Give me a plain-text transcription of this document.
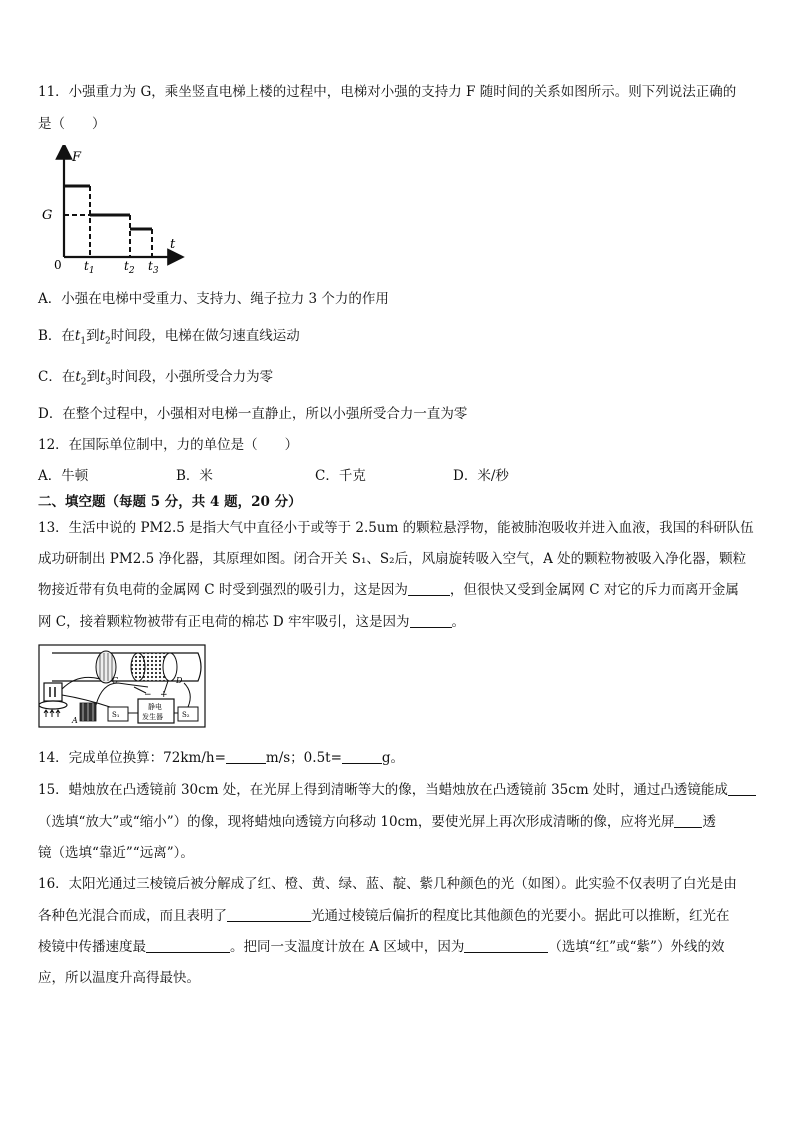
11．小强重力为 G，乘坐竖直电梯上楼的过程中，电梯对小强的支持力 F 随时间的关系如图所示。则下列说法正确的
是（　　）
F
t
0
G
$t_1$ $t_2$ $t_3$
A．小强在电梯中受重力、支持力、绳子拉力 3 个力的作用
B．在$t_1$到$t_2$时间段，电梯在做匀速直线运动
C．在$t_2$到$t_3$时间段，小强所受合力为零
D．在整个过程中，小强相对电梯一直静止，所以小强所受合力一直为零
12．在国际单位制中，力的单位是（　　）
A．牛顿	B．米	C．千克	D．米/秒
二、填空题（每题 5 分，共 4 题，20 分）
13．生活中说的 PM2.5 是指大气中直径小于或等于 2.5um 的颗粒悬浮物，能被肺泡吸收并进入血液，我国的科研队伍
成功研制出 PM2.5 净化器，其原理如图。闭合开关 S₁、S₂后，风扇旋转吸入空气，A 处的颗粒物被吸入净化器，颗粒
物接近带有负电荷的金属网 C 时受到强烈的吸引力，这是因为	，但很快又受到金属网 C 对它的斥力而离开金属
网 C，接着颗粒物被带有正电荷的棉芯 D 牢牢吸引，这是因为	。
C	D
A
S₁
静电
发生器
− +
S₂
14．完成单位换算：72km/h=	m/s；0.5t=	g。
15．蜡烛放在凸透镜前 30cm 处，在光屏上得到清晰等大的像，当蜡烛放在凸透镜前 35cm 处时，通过凸透镜能成
（选填“放大”或“缩小”）的像，现将蜡烛向透镜方向移动 10cm，要使光屏上再次形成清晰的像，应将光屏 透
镜（选填“靠近”“远离”）。
16．太阳光通过三棱镜后被分解成了红、橙、黄、绿、蓝、靛、紫几种颜色的光（如图）。此实验不仅表明了白光是由
各种色光混合而成，而且表明了	光通过棱镜后偏折的程度比其他颜色的光要小。据此可以推断，红光在
棱镜中传播速度最	。把同一支温度计放在 A 区域中，因为	（选填“红”或“紫”）外线的效
应，所以温度升高得最快。
